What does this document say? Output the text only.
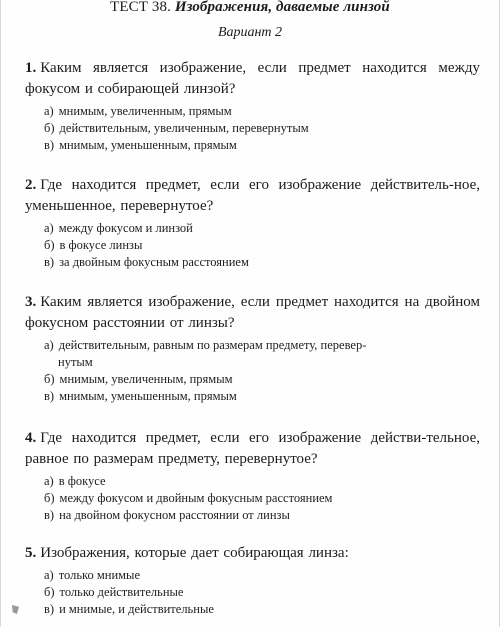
ТЕСТ 38. Изображения, даваемые линзой
Вариант 2
1. Каким является изображение, если предмет находится между фокусом и собирающей линзой?
а) мнимым, увеличенным, прямым
б) действительным, увеличенным, перевернутым
в) мнимым, уменьшенным, прямым
2. Где находится предмет, если его изображение действитель-ное, уменьшенное, перевернутое?
а) между фокусом и линзой
б) в фокусе линзы
в) за двойным фокусным расстоянием
3. Каким является изображение, если предмет находится на двойном фокусном расстоянии от линзы?
а) действительным, равным по размерам предмету, перевер-
нутым
б) мнимым, увеличенным, прямым
в) мнимым, уменьшенным, прямым
4. Где находится предмет, если его изображение действи-тельное, равное по размерам предмету, перевернутое?
а) в фокусе
б) между фокусом и двойным фокусным расстоянием
в) на двойном фокусном расстоянии от линзы
5. Изображения, которые дает собирающая линза:
а) только мнимые
б) только действительные
в) и мнимые, и действительные
